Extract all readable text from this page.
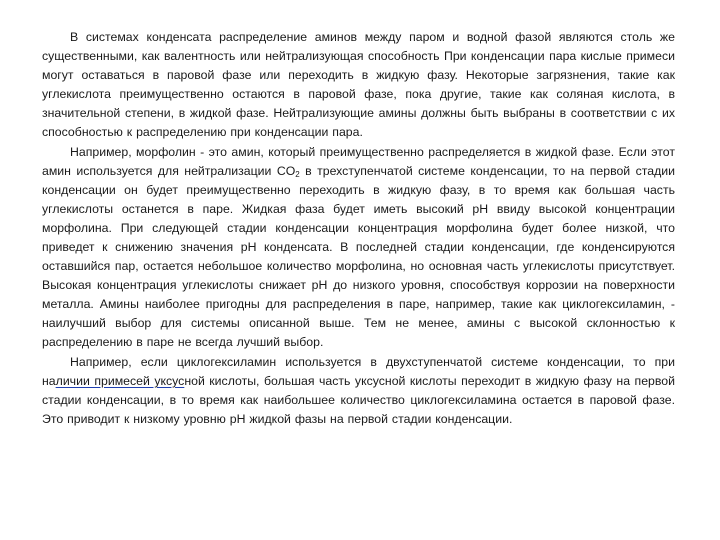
В системах конденсата распределение аминов между паром и водной фазой являются столь же существенными, как валентность или нейтрализующая способность При конденсации пара кислые примеси могут оставаться в паровой фазе или переходить в жидкую фазу. Некоторые загрязнения, такие как углекислота преимущественно остаются в паровой фазе, пока другие, такие как соляная кислота, в значительной степени, в жидкой фазе. Нейтрализующие амины должны быть выбраны в соответствии с их способностью к распределению при конденсации пара.

Например, морфолин - это амин, который преимущественно распределяется в жидкой фазе. Если этот амин используется для нейтрализации $CO_2$ в трехступенчатой системе конденсации, то на первой стадии конденсации он будет преимущественно переходить в жидкую фазу, в то время как большая часть углекислоты останется в паре. Жидкая фаза будет иметь высокий pH ввиду высокой концентрации морфолина. При следующей стадии конденсации концентрация морфолина будет более низкой, что приведет к снижению значения pH конденсата. В последней стадии конденсации, где конденсируются оставшийся пар, остается небольшое количество морфолина, но основная часть углекислоты присутствует. Высокая концентрация углекислоты снижает pH до низкого уровня, способствуя коррозии на поверхности металла. Амины наиболее пригодны для распределения в паре, например, такие как циклогексиламин, - наилучший выбор для системы описанной выше. Тем не менее, амины с высокой склонностью к распределению в паре не всегда лучший выбор.

Например, если циклогексиламин используется в двухступенчатой системе конденсации, то при наличии примесей уксусной кислоты, большая часть уксусной кислоты переходит в жидкую фазу на первой стадии конденсации, в то время как наибольшее количество циклогексиламина остается в паровой фазе. Это приводит к низкому уровню pH жидкой фазы на первой стадии конденсации.
